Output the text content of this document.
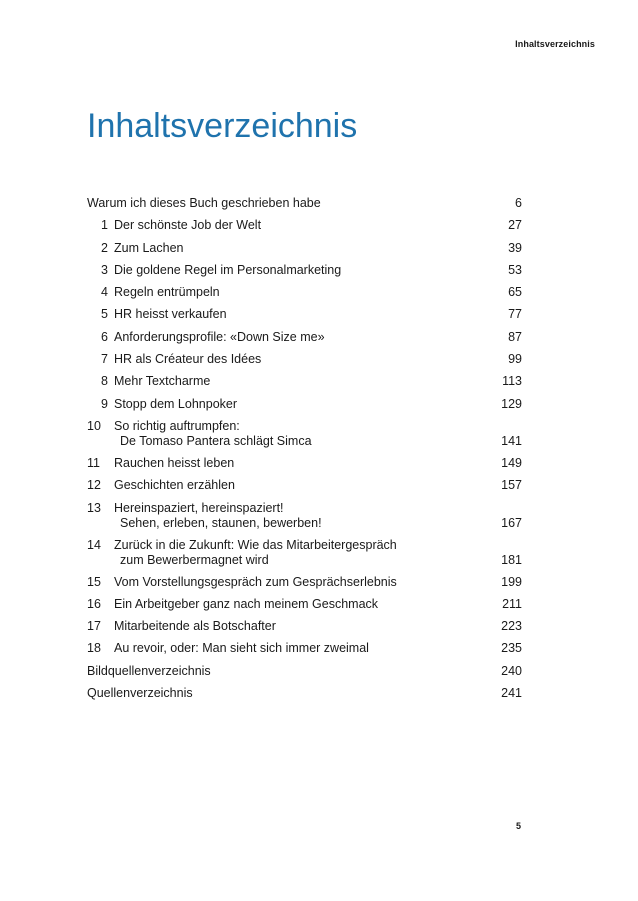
Inhaltsverzeichnis
Inhaltsverzeichnis
Warum ich dieses Buch geschrieben habe	6
1 Der schönste Job der Welt	27
2 Zum Lachen	39
3 Die goldene Regel im Personalmarketing	53
4 Regeln entrümpeln	65
5 HR heisst verkaufen	77
6 Anforderungsprofile: «Down Size me»	87
7 HR als Créateur des Idées	99
8 Mehr Textcharme	113
9 Stopp dem Lohnpoker	129
10	So richtig auftrumpfen:
De Tomaso Pantera schlägt Simca	141
11	Rauchen heisst leben	149
12	Geschichten erzählen	157
13	Hereinspaziert, hereinspaziert!
Sehen, erleben, staunen, bewerben!	167
14	Zurück in die Zukunft: Wie das Mitarbeitergespräch
zum Bewerbermagnet wird	181
15	Vom Vorstellungsgespräch zum Gesprächserlebnis	199
16	Ein Arbeitgeber ganz nach meinem Geschmack	211
17	Mitarbeitende als Botschafter	223
18	Au revoir, oder: Man sieht sich immer zweimal	235
Bildquellenverzeichnis	240
Quellenverzeichnis	241
5
